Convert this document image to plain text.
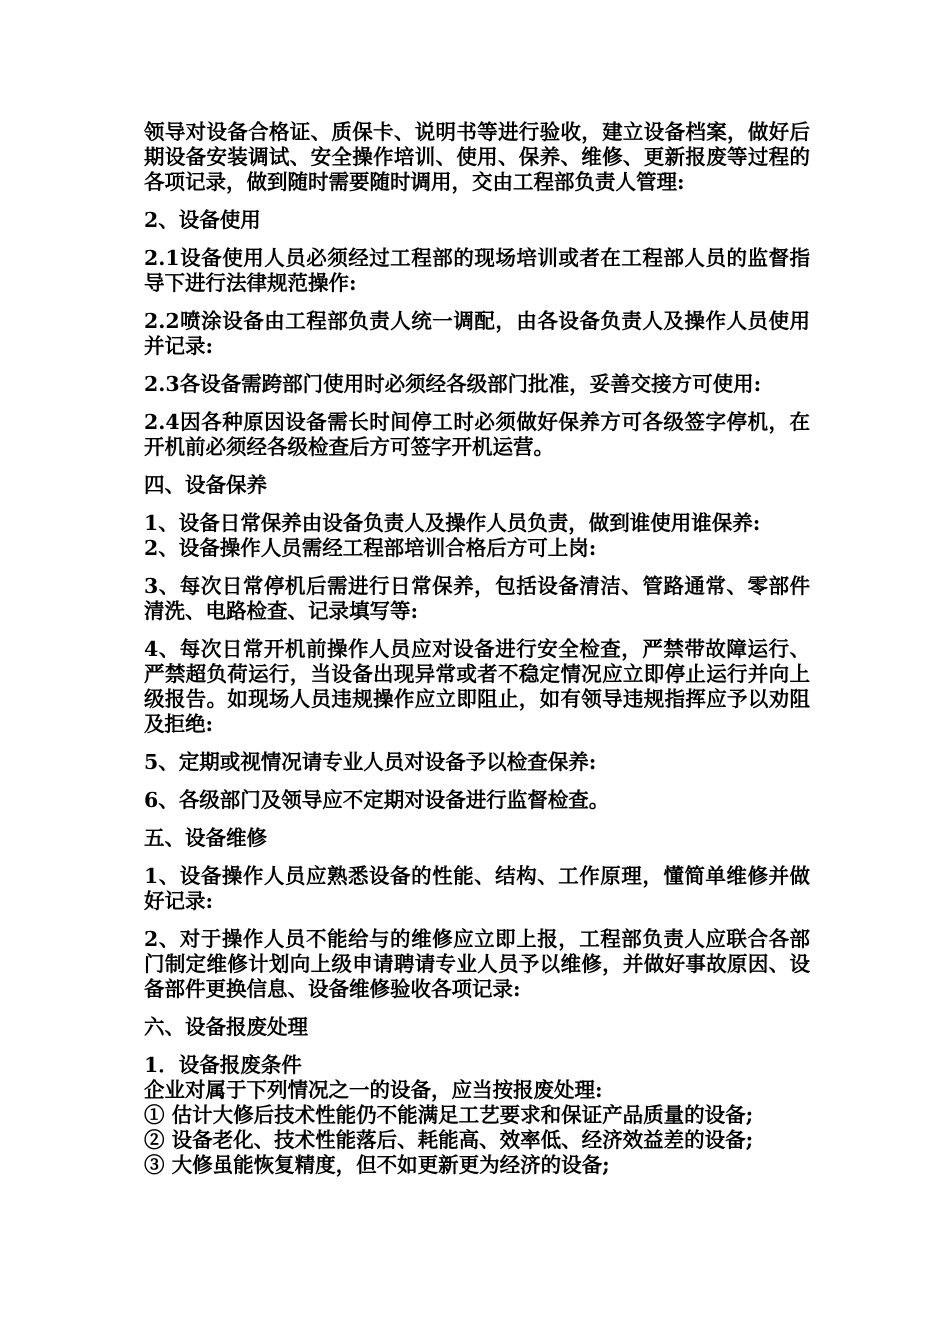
领导对设备合格证、质保卡、说明书等进行验收，建立设备档案，做好后期设备安装调试、安全操作培训、使用、保养、维修、更新报废等过程的各项记录，做到随时需要随时调用，交由工程部负责人管理:

2、设备使用

2.1设备使用人员必须经过工程部的现场培训或者在工程部人员的监督指导下进行法律规范操作:

2.2喷涂设备由工程部负责人统一调配，由各设备负责人及操作人员使用并记录:

2.3各设备需跨部门使用时必须经各级部门批准，妥善交接方可使用:

2.4因各种原因设备需长时间停工时必须做好保养方可各级签字停机，在开机前必须经各级检查后方可签字开机运营。

四、设备保养

1、设备日常保养由设备负责人及操作人员负责，做到谁使用谁保养:

2、设备操作人员需经工程部培训合格后方可上岗:

3、每次日常停机后需进行日常保养，包括设备清洁、管路通常、零部件清洗、电路检查、记录填写等:

4、每次日常开机前操作人员应对设备进行安全检查，严禁带故障运行、严禁超负荷运行，当设备出现异常或者不稳定情况应立即停止运行并向上级报告。如现场人员违规操作应立即阻止，如有领导违规指挥应予以劝阻及拒绝:

5、定期或视情况请专业人员对设备予以检查保养:

6、各级部门及领导应不定期对设备进行监督检查。

五、设备维修

1、设备操作人员应熟悉设备的性能、结构、工作原理，懂简单维修并做好记录:

2、对于操作人员不能给与的维修应立即上报，工程部负责人应联合各部门制定维修计划向上级申请聘请专业人员予以维修，并做好事故原因、设备部件更换信息、设备维修验收各项记录:

六、设备报废处理

1．设备报废条件

企业对属于下列情况之一的设备，应当按报废处理:

① 估计大修后技术性能仍不能满足工艺要求和保证产品质量的设备;

② 设备老化、技术性能落后、耗能高、效率低、经济效益差的设备;

③ 大修虽能恢复精度，但不如更新更为经济的设备;
